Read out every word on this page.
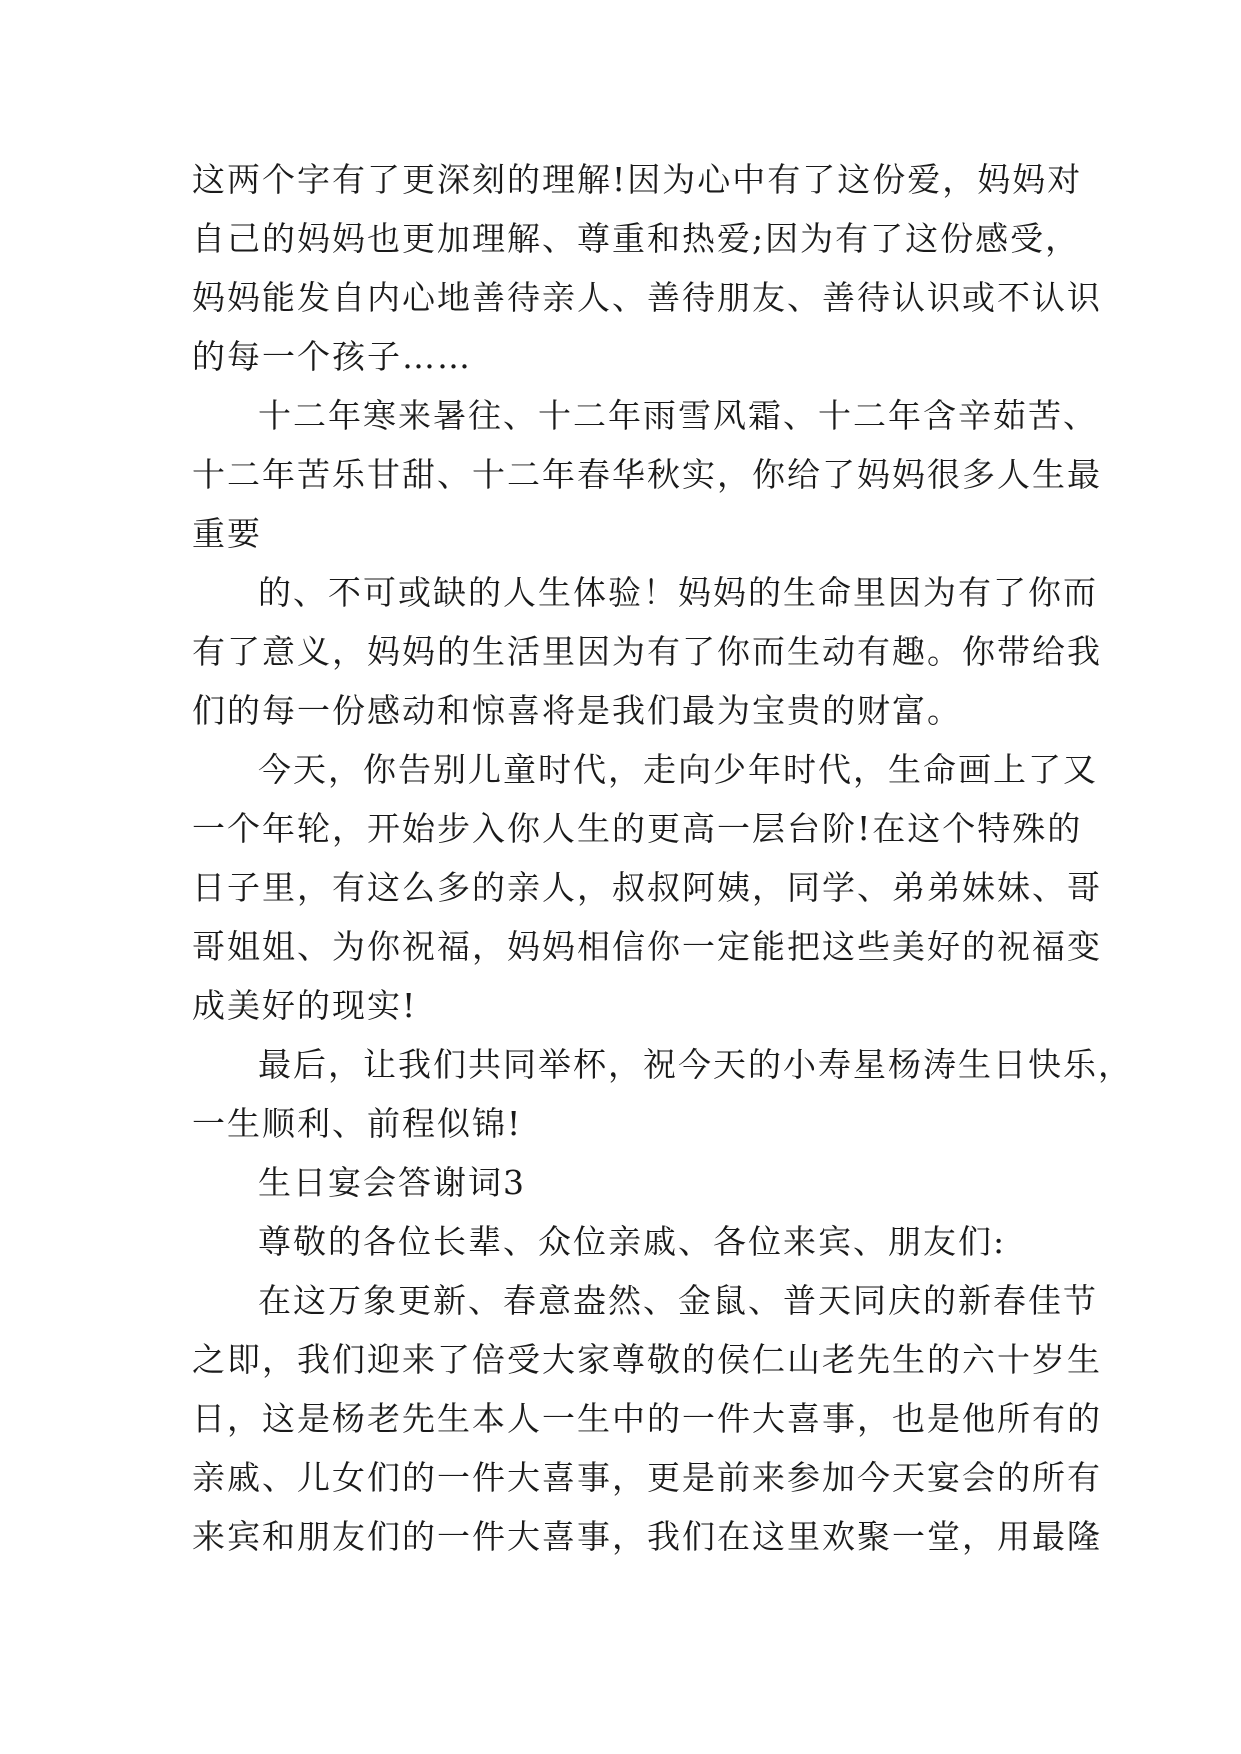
这两个字有了更深刻的理解!因为心中有了这份爱，妈妈对

自己的妈妈也更加理解、尊重和热爱;因为有了这份感受，

妈妈能发自内心地善待亲人、善待朋友、善待认识或不认识

的每一个孩子……

十二年寒来暑往、十二年雨雪风霜、十二年含辛茹苦、

十二年苦乐甘甜、十二年春华秋实，你给了妈妈很多人生最

重要

的、不可或缺的人生体验！妈妈的生命里因为有了你而

有了意义，妈妈的生活里因为有了你而生动有趣。你带给我

们的每一份感动和惊喜将是我们最为宝贵的财富。

今天，你告别儿童时代，走向少年时代，生命画上了又

一个年轮，开始步入你人生的更高一层台阶!在这个特殊的

日子里，有这么多的亲人，叔叔阿姨，同学、弟弟妹妹、哥

哥姐姐、为你祝福，妈妈相信你一定能把这些美好的祝福变

成美好的现实!

最后，让我们共同举杯，祝今天的小寿星杨涛生日快乐，

一生顺利、前程似锦!

生日宴会答谢词3

尊敬的各位长辈、众位亲戚、各位来宾、朋友们:

在这万象更新、春意盎然、金鼠、普天同庆的新春佳节

之即，我们迎来了倍受大家尊敬的侯仁山老先生的六十岁生

日，这是杨老先生本人一生中的一件大喜事，也是他所有的

亲戚、儿女们的一件大喜事，更是前来参加今天宴会的所有

来宾和朋友们的一件大喜事，我们在这里欢聚一堂，用最隆
